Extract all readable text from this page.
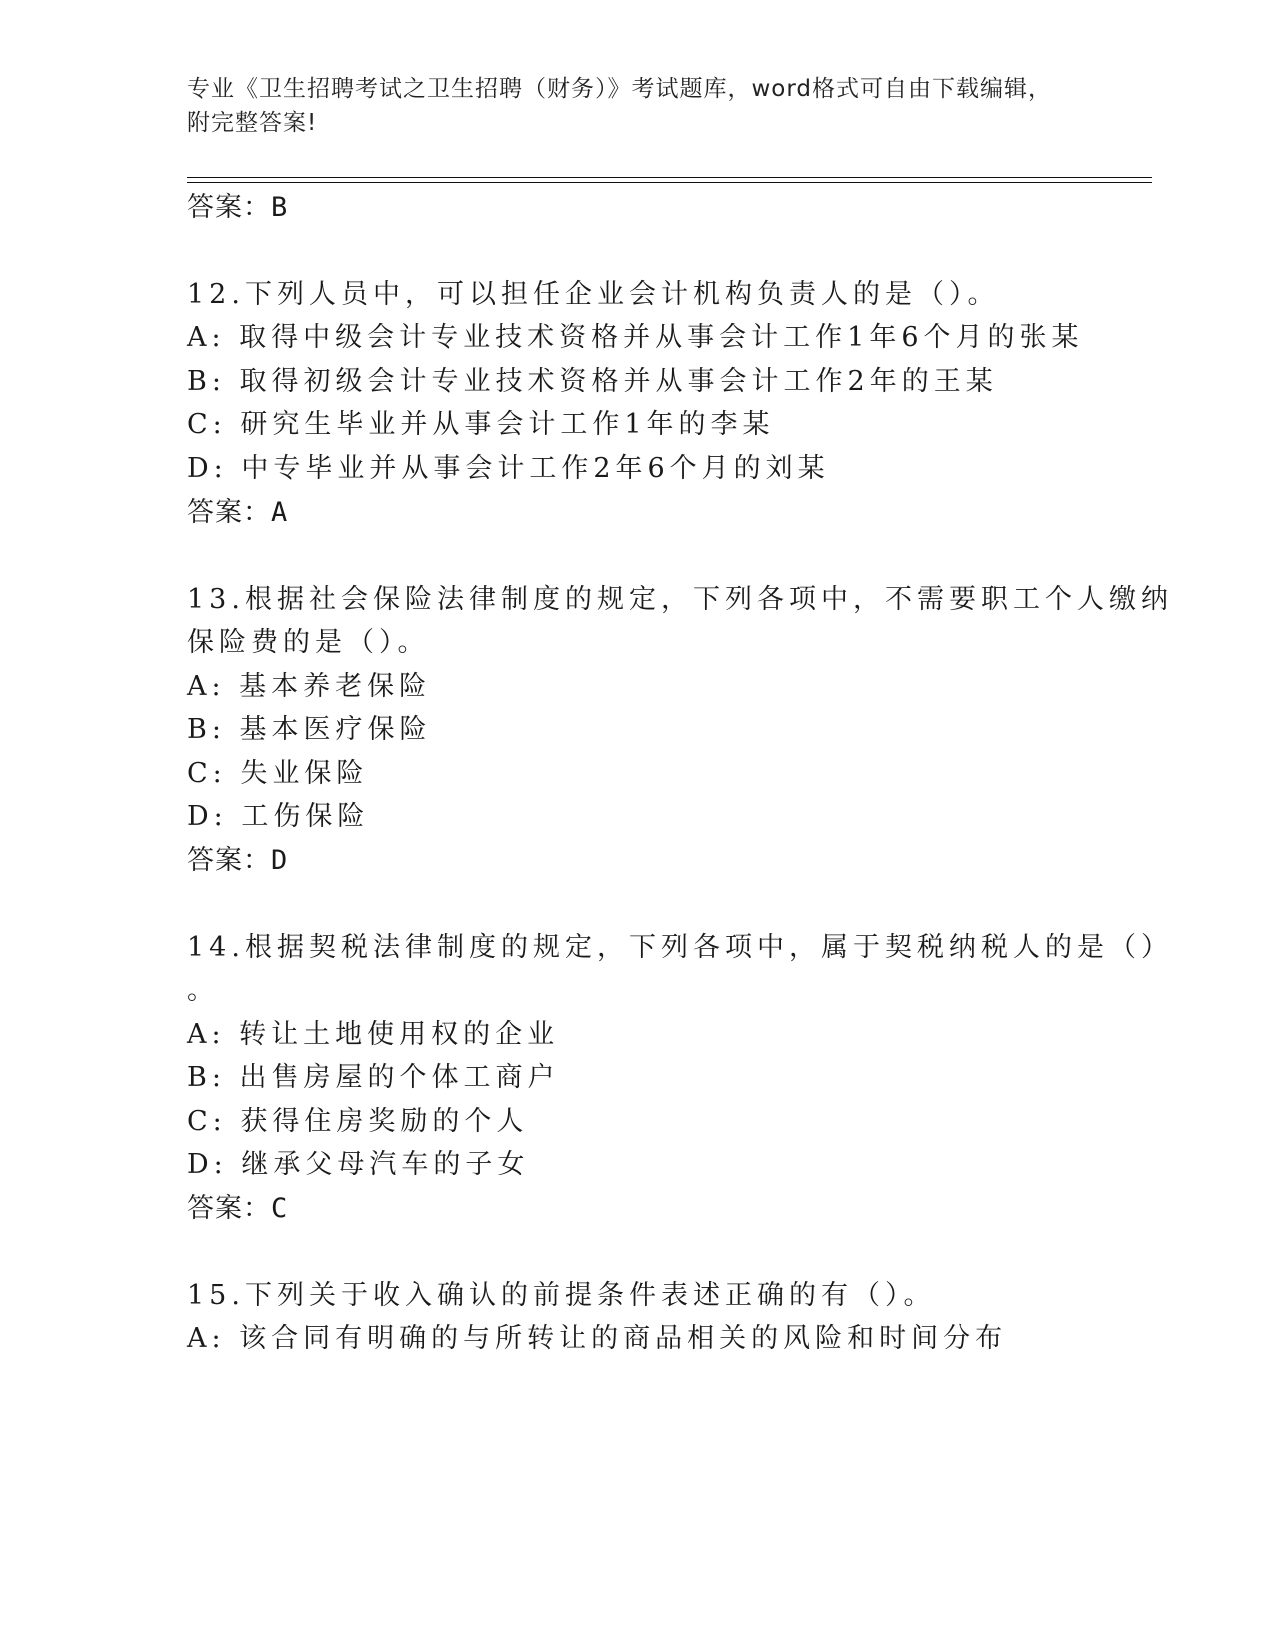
专业《卫生招聘考试之卫生招聘（财务）》考试题库，word格式可自由下载编辑，附完整答案!
答案：B
12.下列人员中，可以担任企业会计机构负责人的是（）。
A: 取得中级会计专业技术资格并从事会计工作1年6个月的张某
B: 取得初级会计专业技术资格并从事会计工作2年的王某
C: 研究生毕业并从事会计工作1年的李某
D: 中专毕业并从事会计工作2年6个月的刘某
答案：A
13.根据社会保险法律制度的规定，下列各项中，不需要职工个人缴纳
保险费的是（）。
A: 基本养老保险
B: 基本医疗保险
C: 失业保险
D: 工伤保险
答案：D
14.根据契税法律制度的规定，下列各项中，属于契税纳税人的是（）
。
A: 转让土地使用权的企业
B: 出售房屋的个体工商户
C: 获得住房奖励的个人
D: 继承父母汽车的子女
答案：C
15.下列关于收入确认的前提条件表述正确的有（）。
A: 该合同有明确的与所转让的商品相关的风险和时间分布
